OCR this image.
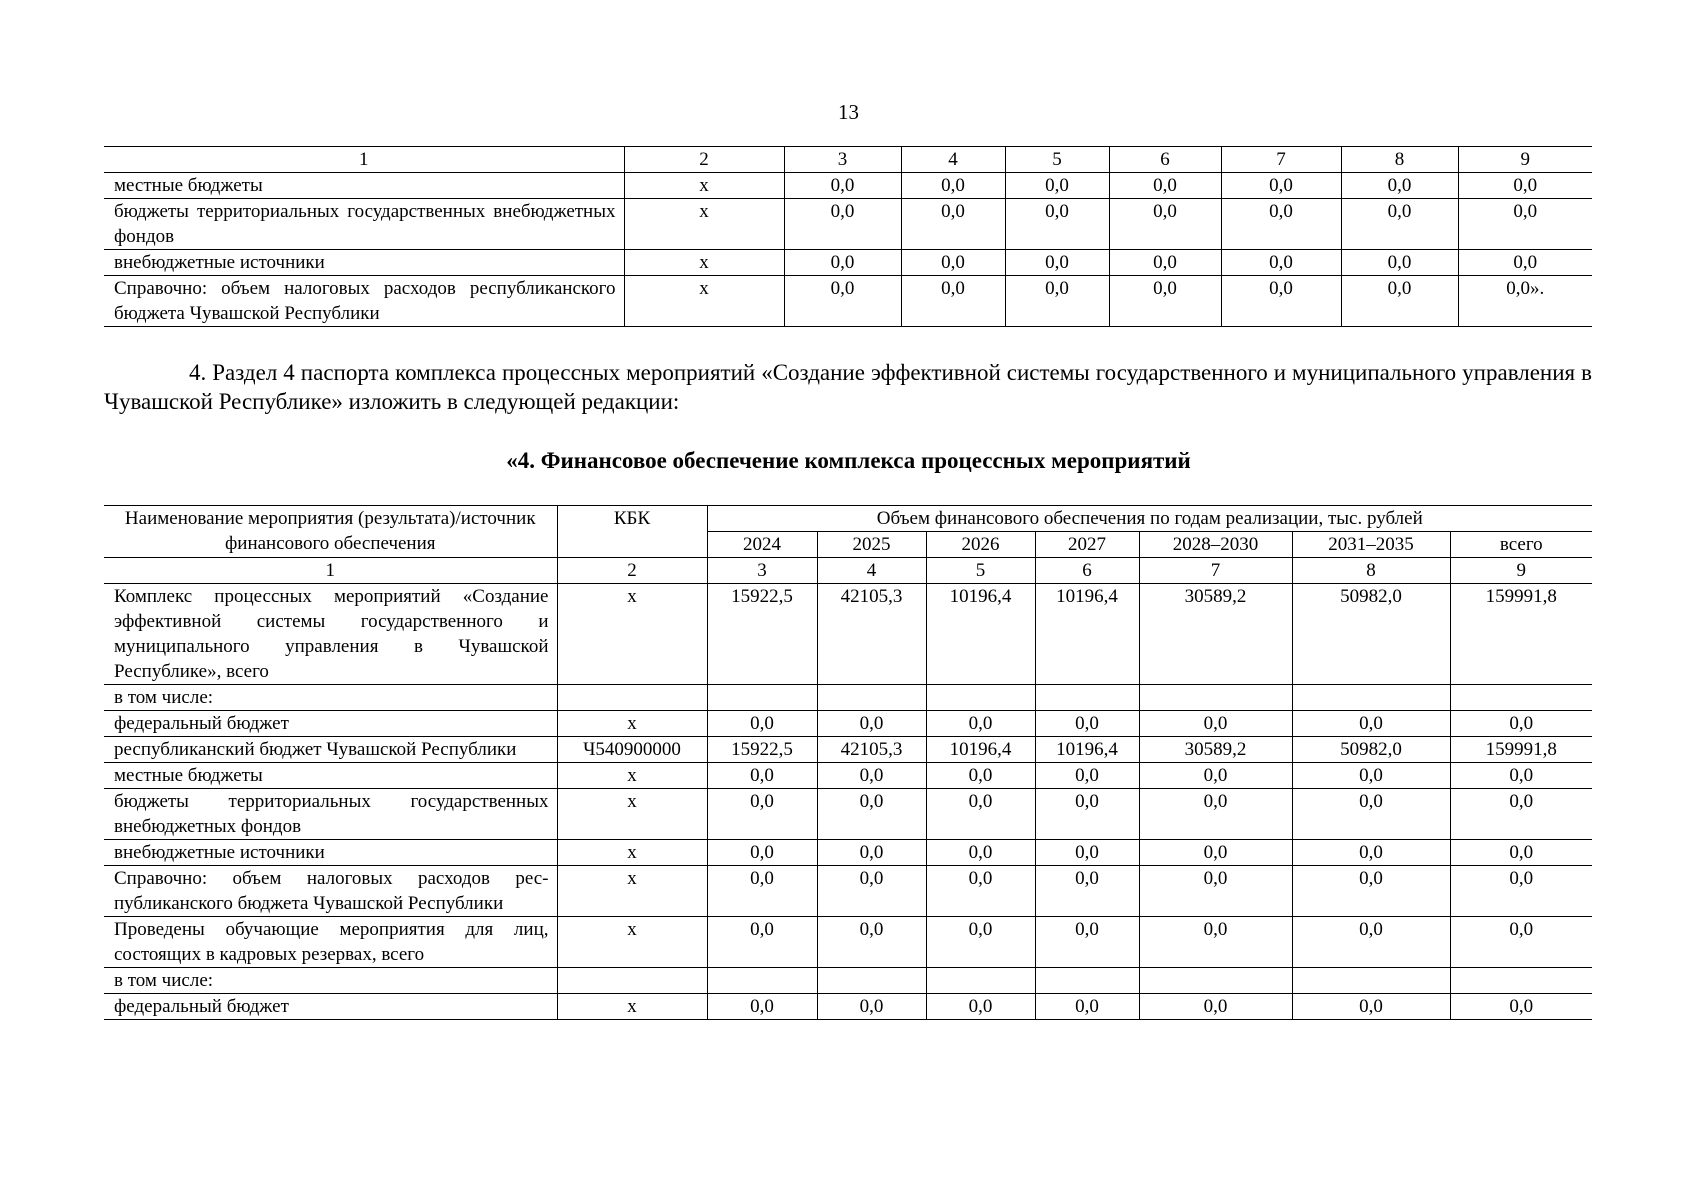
13
1	2	3	4	5	6	7	8	9
местные бюджеты	х	0,0	0,0	0,0	0,0	0,0	0,0	0,0
бюджеты территориальных государственных внебюджетных фондов	х	0,0	0,0	0,0	0,0	0,0	0,0	0,0
внебюджетные источники	х	0,0	0,0	0,0	0,0	0,0	0,0	0,0
Справочно: объем налоговых расходов республиканского бюджета Чувашской Республики	х	0,0	0,0	0,0	0,0	0,0	0,0	0,0».
4. Раздел 4 паспорта комплекса процессных мероприятий «Создание эффективной системы государственного и муниципального управления в Чувашской Республике» изложить в следующей редакции:
«4. Финансовое обеспечение комплекса процессных мероприятий
Наименование мероприятия (результата)/источник финансового обеспечения	КБК	Объем финансового обеспечения по годам реализации, тыс. рублей						
		2024	2025	2026	2027	2028–2030	2031–2035	всего
1	2	3	4	5	6	7	8	9
Комплекс процессных мероприятий «Создание эффективной системы государственного и муниципального управления в Чувашской Республике», всего	х	15922,5	42105,3	10196,4	10196,4	30589,2	50982,0	159991,8
в том числе:								
федеральный бюджет	х	0,0	0,0	0,0	0,0	0,0	0,0	0,0
республиканский бюджет Чувашской Республики	Ч540900000	15922,5	42105,3	10196,4	10196,4	30589,2	50982,0	159991,8
местные бюджеты	х	0,0	0,0	0,0	0,0	0,0	0,0	0,0
бюджеты территориальных государственных внебюджетных фондов	х	0,0	0,0	0,0	0,0	0,0	0,0	0,0
внебюджетные источники	х	0,0	0,0	0,0	0,0	0,0	0,0	0,0
Справочно: объем налоговых расходов республиканского бюджета Чувашской Республики	х	0,0	0,0	0,0	0,0	0,0	0,0	0,0
Проведены обучающие мероприятия для лиц, состоящих в кадровых резервах, всего	х	0,0	0,0	0,0	0,0	0,0	0,0	0,0
в том числе:								
федеральный бюджет	х	0,0	0,0	0,0	0,0	0,0	0,0	0,0
